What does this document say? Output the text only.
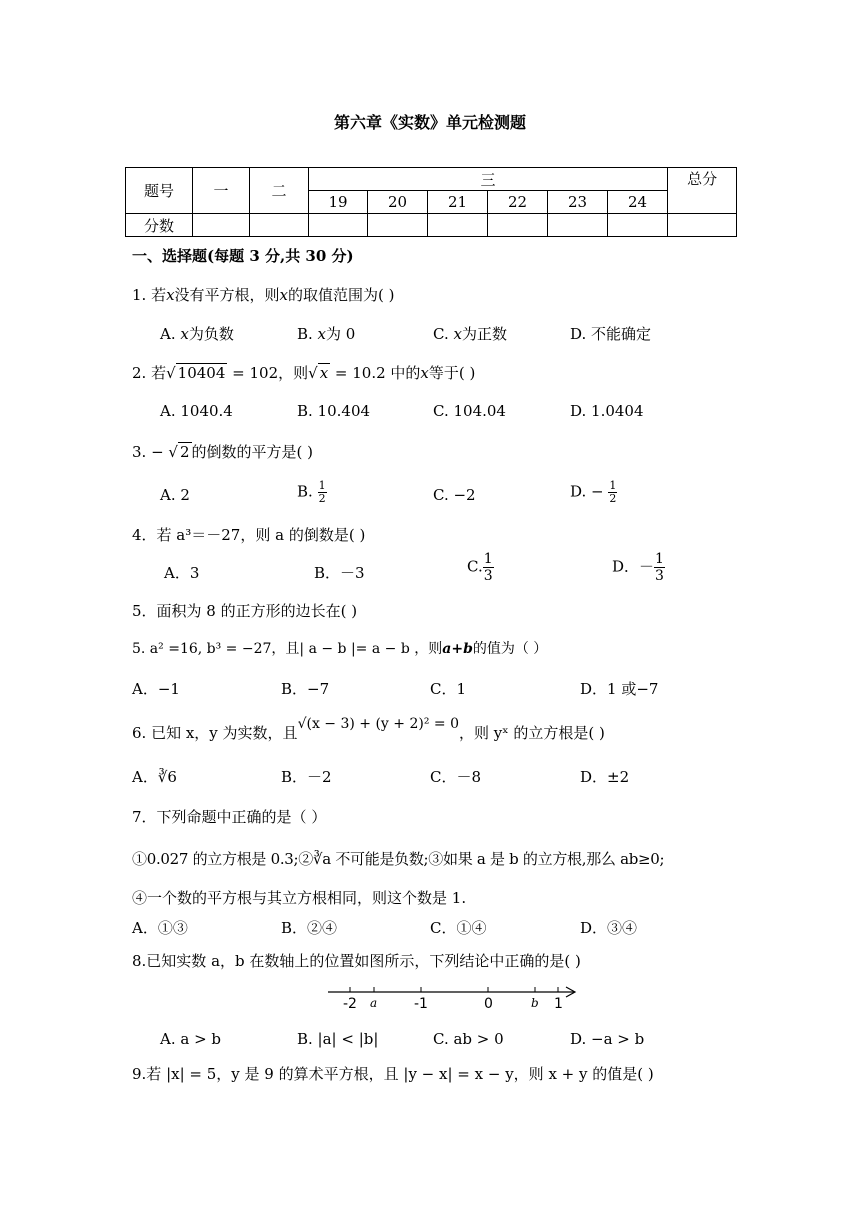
第六章《实数》单元检测题
题号	一	二	三						总分
			19	20	21	22	23	24	
分数									
一、选择题(每题 3 分,共 30 分)
1. 若𝑥没有平方根，则𝑥的取值范围为( )
A. 𝑥为负数	B. 𝑥为 0	C. 𝑥为正数	D. 不能确定
2. 若√ 10404 = 102，则√ 𝑥 = 10.2 中的𝑥等于( )
A. 1040.4	B. 10.404	C. 104.04	D. 1.0404
3. − √ 2 的倒数的平方是( )
A. 2	B. $\frac{1}{2}$	C. −2	D. − $\frac{1}{2}$
4．若 a³＝－27，则 a 的倒数是( )
A．3	B．－3	C. $\frac{1}{3}$	D．－ $\frac{1}{3}$
5．面积为 8 的正方形的边长在( )
5. a² =16, b³ = −27，且| a − b |= a − b ，则a+b的值为（ ）
A．−1	B．−7	C．1	D．1 或−7
6. 已知 x，y 为实数，且√(x − 3) + (y + 2)² = 0，则 yˣ 的立方根是( )
A．∛6	B．－2	C．－8	D．±2
7．下列命题中正确的是（ ）
①0.027 的立方根是 0.3;②∛a 不可能是负数;③如果 a 是 b 的立方根,那么 ab≥0;
④一个数的平方根与其立方根相同，则这个数是 1.
A．①③	B．②④	C．①④	D．③④
8.已知实数 a，b 在数轴上的位置如图所示，下列结论中正确的是( )
-2 a	-1	0	b 1
A. a > b	B. |a| < |b|	C. ab > 0	D. −a > b
9.若 |x| = 5，y 是 9 的算术平方根，且 |y − x| = x − y，则 x + y 的值是( )
